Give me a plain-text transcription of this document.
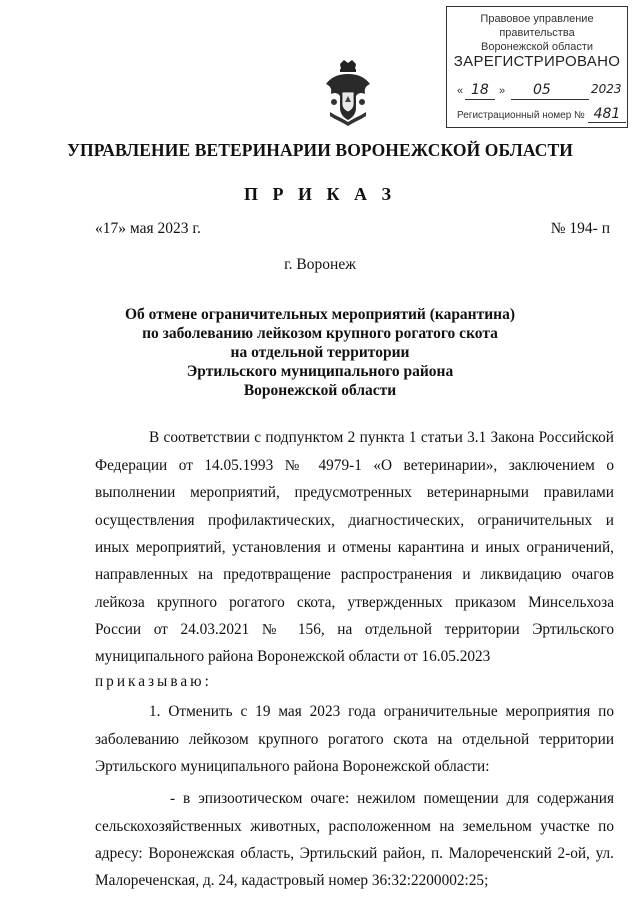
Правовое управление правительства
Воронежской области
ЗАРЕГИСТРИРОВАНО
« 18 » 05	2023
Регистрационный номер № 481
УПРАВЛЕНИЕ ВЕТЕРИНАРИИ ВОРОНЕЖСКОЙ ОБЛАСТИ
П Р И К А З
«17» мая 2023 г.	№ 194- п
г. Воронеж
Об отмене ограничительных мероприятий (карантина)
по заболеванию лейкозом крупного рогатого скота
на отдельной территории
Эртильского муниципального района
Воронежской области
В соответствии с подпунктом 2 пункта 1 статьи 3.1 Закона Российской
Федерации от 14.05.1993 № 4979-1 «О ветеринарии», заключением о
выполнении мероприятий, предусмотренных ветеринарными правилами
осуществления профилактических, диагностических, ограничительных и
иных мероприятий, установления и отмены карантина и иных ограничений,
направленных на предотвращение распространения и ликвидацию очагов
лейкоза крупного рогатого скота, утвержденных приказом Минсельхоза
России от 24.03.2021 № 156, на отдельной территории Эртильского
муниципального района Воронежской области от 16.05.2023
приказываю:
1. Отменить с 19 мая 2023 года ограничительные мероприятия по
заболеванию лейкозом крупного рогатого скота на отдельной территории
Эртильского муниципального района Воронежской области:
- в эпизоотическом очаге: нежилом помещении для содержания
сельскохозяйственных животных, расположенном на земельном участке по
адресу: Воронежская область, Эртильский район, п. Малореченский 2-ой, ул.
Малореченская, д. 24, кадастровый номер 36:32:2200002:25;
